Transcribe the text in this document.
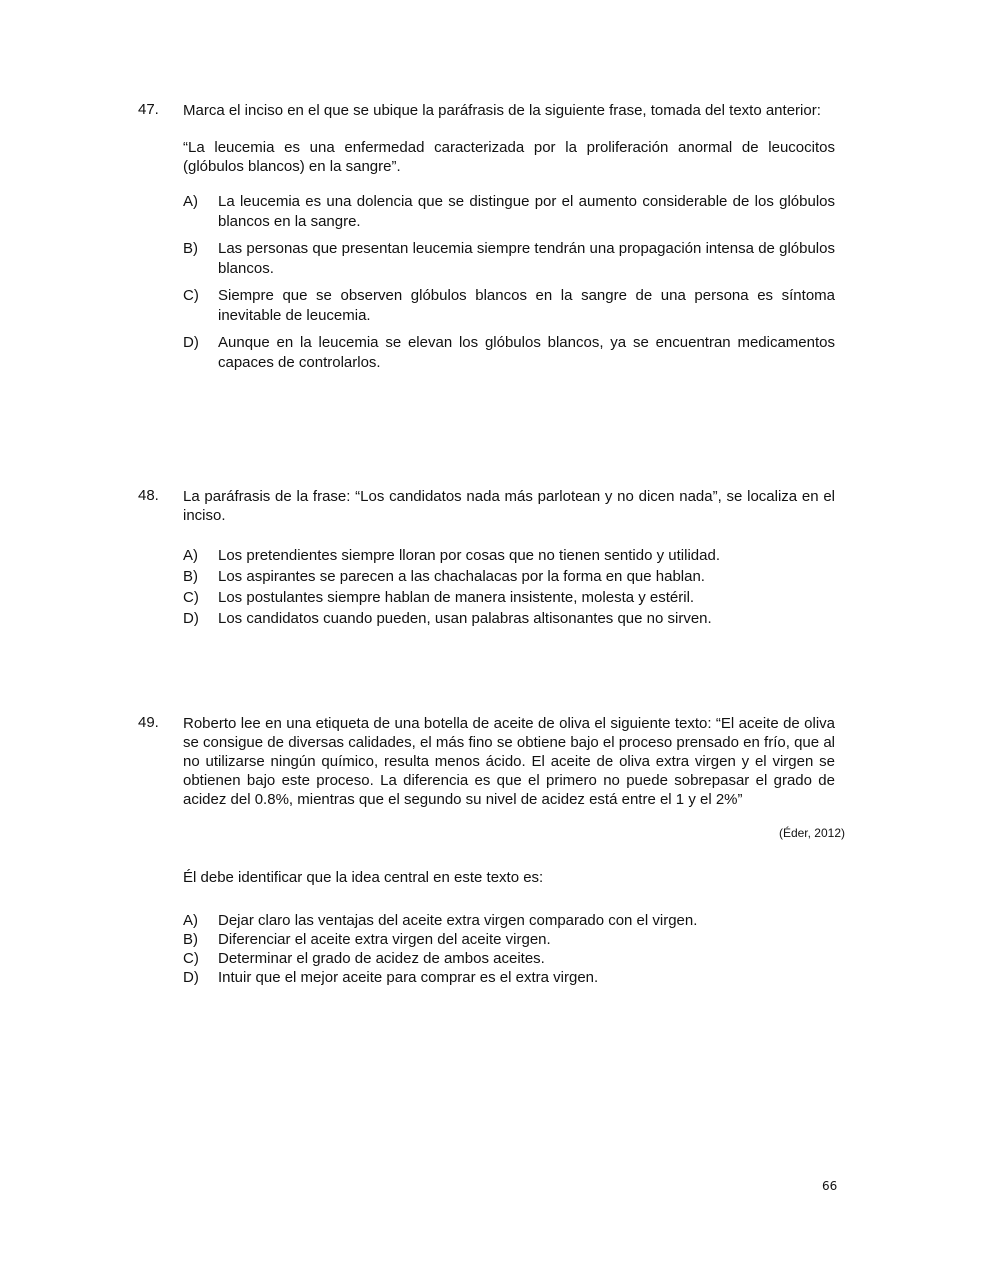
47.	Marca el inciso en el que se ubique la paráfrasis de la siguiente frase, tomada del texto anterior:
“La leucemia es una enfermedad caracterizada por la proliferación anormal de leucocitos (glóbulos blancos) en la sangre”.
A)	La leucemia es una dolencia que se distingue por el aumento considerable de los glóbulos blancos en la sangre.
B)	Las personas que presentan leucemia siempre tendrán una propagación intensa de glóbulos blancos.
C)	Siempre que se observen glóbulos blancos en la sangre de una persona es síntoma inevitable de leucemia.
D)	Aunque en la leucemia se elevan los glóbulos blancos, ya se encuentran medicamentos capaces de controlarlos.
48.	La paráfrasis de la frase: “Los candidatos nada más parlotean y no dicen nada”, se localiza en el inciso.
A)	Los pretendientes siempre lloran por cosas que no tienen sentido y utilidad.
B)	Los aspirantes se parecen a las chachalacas por la forma en que hablan.
C)	Los postulantes siempre hablan de manera insistente, molesta y estéril.
D)	Los candidatos cuando pueden, usan palabras altisonantes que no sirven.
49.	Roberto lee en una etiqueta de una botella de aceite de oliva el siguiente texto: “El aceite de oliva se consigue de diversas calidades, el más fino se obtiene bajo el proceso prensado en frío, que al no utilizarse ningún químico, resulta menos ácido. El aceite de oliva extra virgen y el virgen se obtienen bajo este proceso. La diferencia es que el primero no puede sobrepasar el grado de acidez del 0.8%, mientras que el segundo su nivel de acidez está entre el 1 y el 2%”
(Éder, 2012)
Él debe identificar que la idea central en este texto es:
A)	Dejar claro las ventajas del aceite extra virgen comparado con el virgen.
B)	Diferenciar el aceite extra virgen del aceite virgen.
C)	Determinar el grado de acidez de ambos aceites.
D)	Intuir que el mejor aceite para comprar es el extra virgen.
66
